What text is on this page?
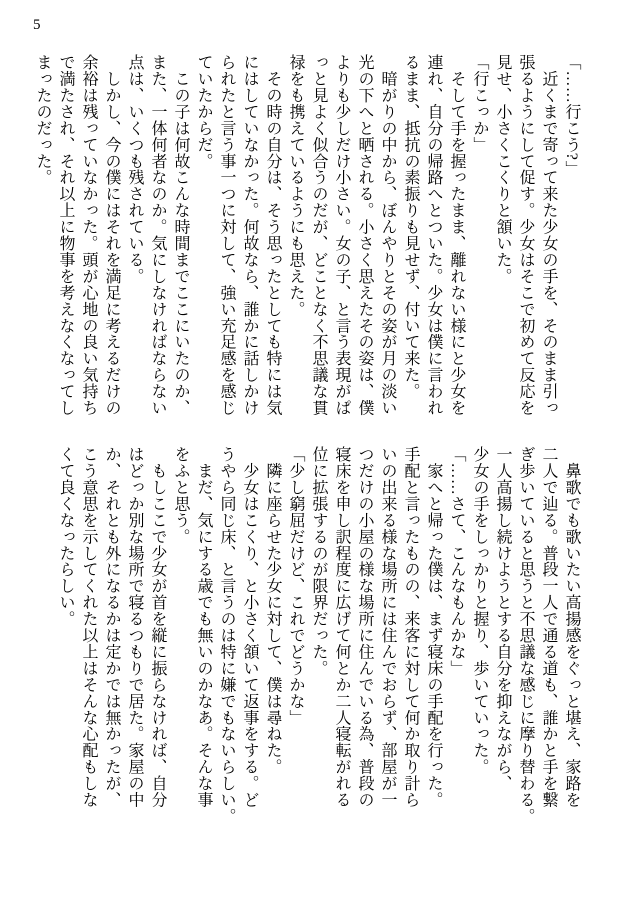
5

「……行こう?」

　近くまで寄って来た少女の手を、そのまま引っ

張るようにして促す。少女はそこで初めて反応を

見せ、小さくこくりと頷いた。

「行こっか」

　そして手を握ったまま、離れない様にと少女を

連れ、自分の帰路へとついた。少女は僕に言われ

るまま、抵抗の素振りも見せず、付いて来た。

　暗がりの中から、ぼんやりとその姿が月の淡い

光の下へと晒される。小さく思えたその姿は、僕

よりも少しだけ小さい。女の子、と言う表現がぱ

っと見よく似合うのだが、どことなく不思議な貫

禄をも携えているようにも思えた。

　その時の自分は、そう思ったとしても特には気

にはしていなかった。何故なら、誰かに話しかけ

られたと言う事一つに対して、強い充足感を感じ

ていたからだ。

　この子は何故こんな時間までここにいたのか、

また、一体何者なのか。気にしなければならない

点は、いくつも残されている。

　しかし、今の僕にはそれを満足に考えるだけの

余裕は残っていなかった。頭が心地の良い気持ち

で満たされ、それ以上に物事を考えなくなってし

まったのだった。

　鼻歌でも歌いたい高揚感をぐっと堪え、家路を

二人で辿る。普段一人で通る道も、誰かと手を繋

ぎ歩いていると思うと不思議な感じに摩り替わる。

一人高揚し続けようとする自分を抑えながら、

少女の手をしっかりと握り、歩いていった。

「……さて、こんなもんかな」

　家へと帰った僕は、まず寝床の手配を行った。

手配と言ったものの、来客に対して何か取り計ら

いの出来る様な場所には住んでおらず、部屋が一

つだけの小屋の様な場所に住んでいる為、普段の

寝床を申し訳程度に広げて何とか二人寝転がれる

位に拡張するのが限界だった。

「少し窮屈だけど、これでどうかな」

　隣に座らせた少女に対して、僕は尋ねた。

　少女はこくり、と小さく頷いて返事をする。ど

うやら同じ床、と言うのは特に嫌でもないらしい。

　まだ、気にする歳でも無いのかなあ。そんな事

をふと思う。

　もしここで少女が首を縦に振らなければ、自分

はどっか別な場所で寝るつもりで居た。家屋の中

か、それとも外になるかは定かでは無かったが、

こう意思を示してくれた以上はそんな心配もしな

くて良くなったらしい。
